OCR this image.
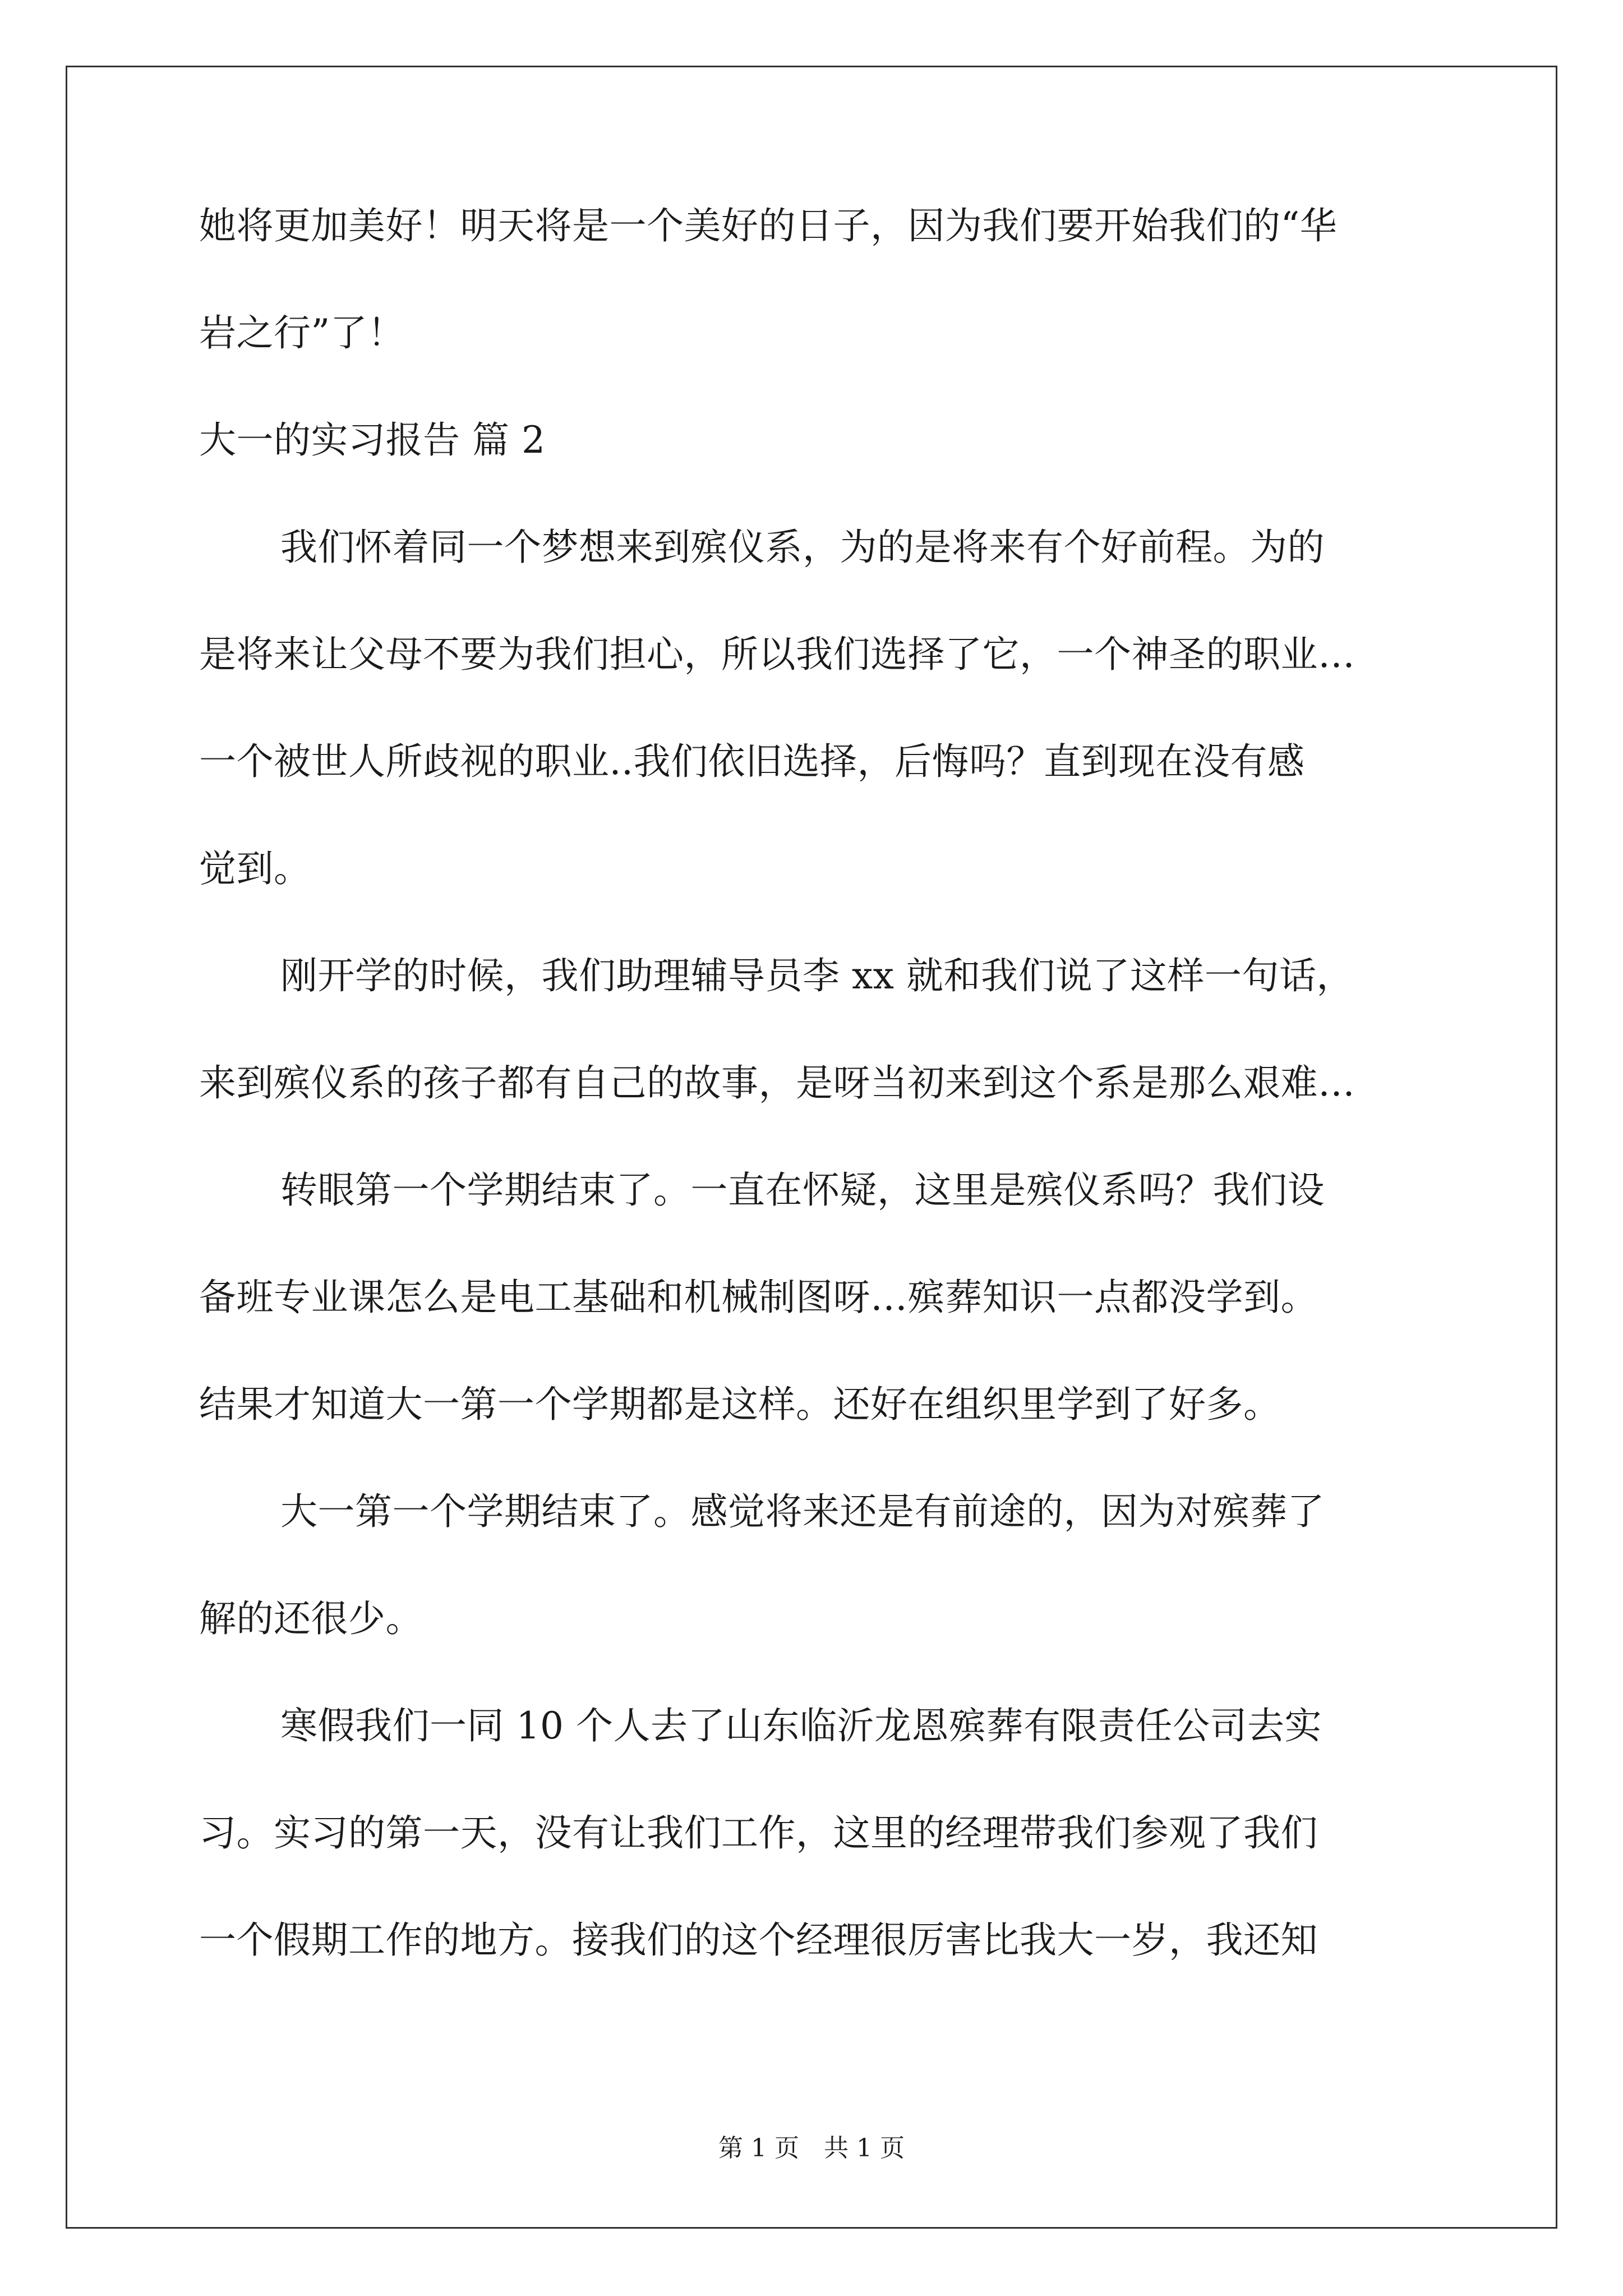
她将更加美好！明天将是一个美好的日子，因为我们要开始我们的“华

岩之行”了！

大一的实习报告 篇 2

我们怀着同一个梦想来到殡仪系，为的是将来有个好前程。为的

是将来让父母不要为我们担心，所以我们选择了它，一个神圣的职业…

一个被世人所歧视的职业..我们依旧选择，后悔吗？直到现在没有感

觉到。

刚开学的时候，我们助理辅导员李 xx 就和我们说了这样一句话，

来到殡仪系的孩子都有自己的故事，是呀当初来到这个系是那么艰难…

转眼第一个学期结束了。一直在怀疑，这里是殡仪系吗？我们设

备班专业课怎么是电工基础和机械制图呀…殡葬知识一点都没学到。

结果才知道大一第一个学期都是这样。还好在组织里学到了好多。

大一第一个学期结束了。感觉将来还是有前途的，因为对殡葬了

解的还很少。

寒假我们一同 10 个人去了山东临沂龙恩殡葬有限责任公司去实

习。实习的第一天，没有让我们工作，这里的经理带我们参观了我们

一个假期工作的地方。接我们的这个经理很厉害比我大一岁，我还知

第 1 页　共 1 页
